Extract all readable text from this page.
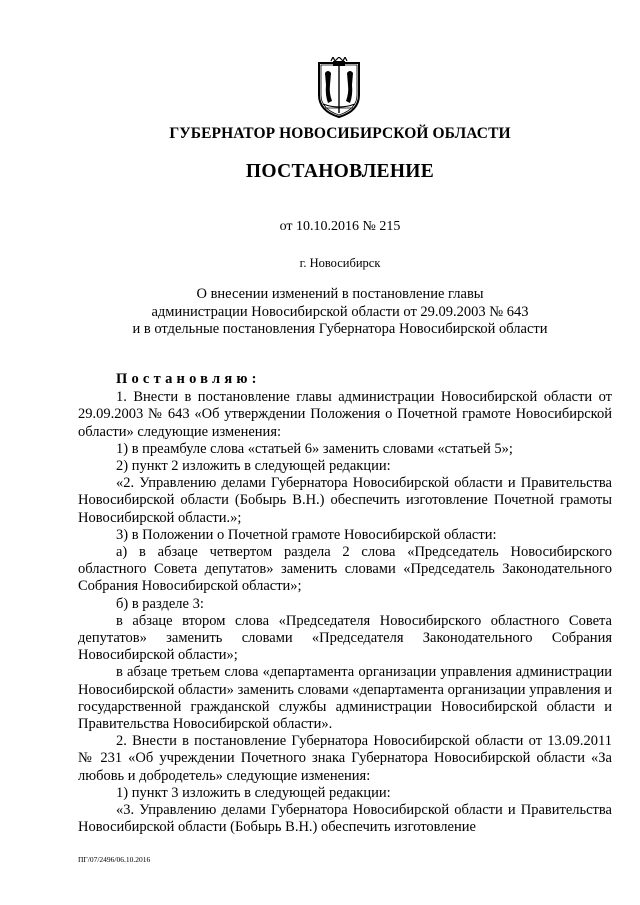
ГУБЕРНАТОР НОВОСИБИРСКОЙ ОБЛАСТИ
ПОСТАНОВЛЕНИЕ
от 10.10.2016 № 215
г. Новосибирск
О внесении изменений в постановление главы
администрации Новосибирской области от 29.09.2003 № 643
и в отдельные постановления Губернатора Новосибирской области

Постановляю:

1. Внести в постановление главы администрации Новосибирской области от 29.09.2003 № 643 «Об утверждении Положения о Почетной грамоте Новосибирской области» следующие изменения:

1) в преамбуле слова «статьей 6» заменить словами «статьей 5»;

2) пункт 2 изложить в следующей редакции:

«2. Управлению делами Губернатора Новосибирской области и Правительства Новосибирской области (Бобырь В.Н.) обеспечить изготовление Почетной грамоты Новосибирской области.»;

3) в Положении о Почетной грамоте Новосибирской области:

а) в абзаце четвертом раздела 2 слова «Председатель Новосибирского областного Совета депутатов» заменить словами «Председатель Законодательного Собрания Новосибирской области»;

б) в разделе 3:

в абзаце втором слова «Председателя Новосибирского областного Совета депутатов» заменить словами «Председателя Законодательного Собрания Новосибирской области»;

в абзаце третьем слова «департамента организации управления администрации Новосибирской области» заменить словами «департамента организации управления и государственной гражданской службы администрации Новосибирской области и Правительства Новосибирской области».

2. Внести в постановление Губернатора Новосибирской области от 13.09.2011 № 231 «Об учреждении Почетного знака Губернатора Новосибирской области «За любовь и добродетель» следующие изменения:

1) пункт 3 изложить в следующей редакции:

«3. Управлению делами Губернатора Новосибирской области и Правительства Новосибирской области (Бобырь В.Н.) обеспечить изготовление

ПГ/07/2496/06.10.2016
